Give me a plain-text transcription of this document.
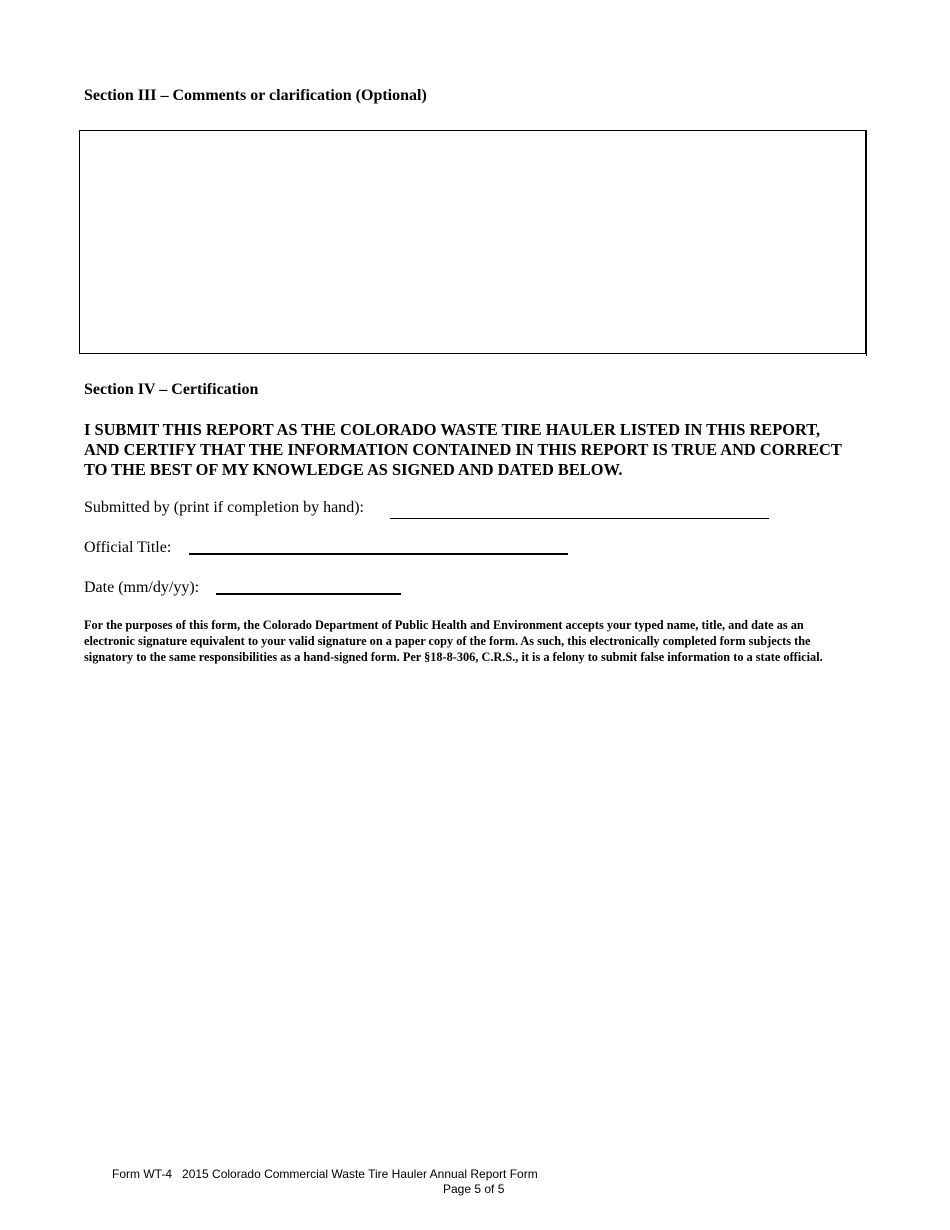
Section III – Comments or clarification (Optional)
Section IV – Certification
I SUBMIT THIS REPORT AS THE COLORADO WASTE TIRE HAULER LISTED IN THIS REPORT, AND CERTIFY THAT THE INFORMATION CONTAINED IN THIS REPORT IS TRUE AND CORRECT TO THE BEST OF MY KNOWLEDGE AS SIGNED AND DATED BELOW.
Submitted by (print if completion by hand):
Official Title:
Date (mm/dy/yy):
For the purposes of this form, the Colorado Department of Public Health and Environment accepts your typed name, title, and date as an electronic signature equivalent to your valid signature on a paper copy of the form. As such, this electronically completed form subjects the signatory to the same responsibilities as a hand-signed form. Per §18-8-306, C.R.S., it is a felony to submit false information to a state official.
Form WT-4 2015 Colorado Commercial Waste Tire Hauler Annual Report Form
Page 5 of 5
